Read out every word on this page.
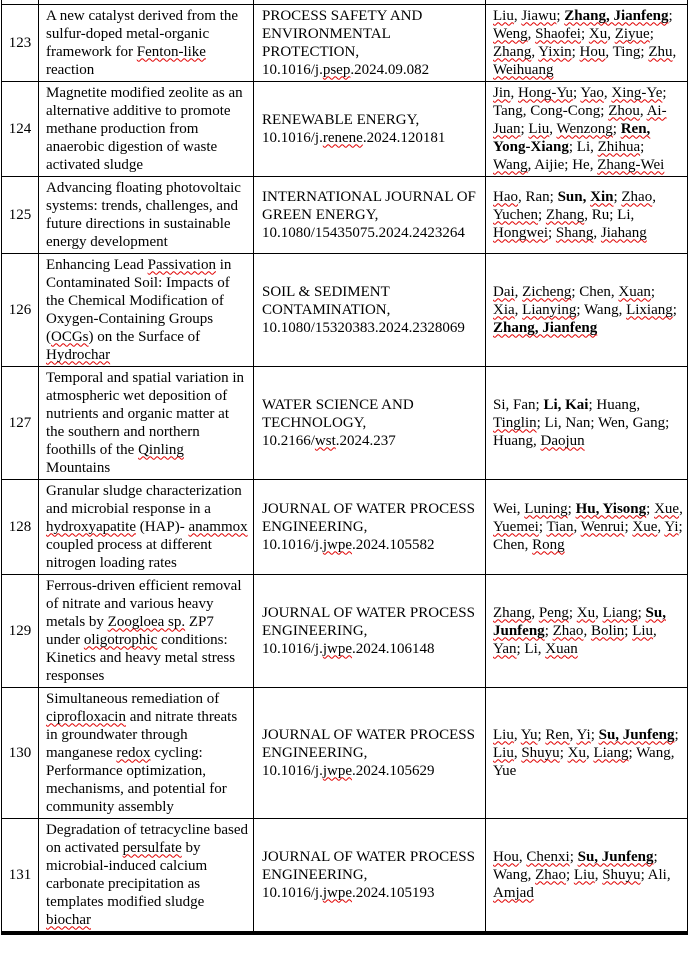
123	A new catalyst derived from the sulfur-doped metal-organic framework for Fenton-like reaction	PROCESS SAFETY AND ENVIRONMENTAL PROTECTION, 10.1016/j.psep.2024.09.082	Liu, Jiawu; Zhang, Jianfeng; Weng, Shaofei; Xu, Ziyue; Zhang, Yixin; Hou, Ting; Zhu, Weihuang
124	Magnetite modified zeolite as an alternative additive to promote methane production from anaerobic digestion of waste activated sludge	RENEWABLE ENERGY, 10.1016/j.renene.2024.120181	Jin, Hong-Yu; Yao, Xing-Ye; Tang, Cong-Cong; Zhou, Ai-Juan; Liu, Wenzong; Ren, Yong-Xiang; Li, Zhihua; Wang, Aijie; He, Zhang-Wei
125	Advancing floating photovoltaic systems: trends, challenges, and future directions in sustainable energy development	INTERNATIONAL JOURNAL OF GREEN ENERGY, 10.1080/15435075.2024.2423264	Hao, Ran; Sun, Xin; Zhao, Yuchen; Zhang, Ru; Li, Hongwei; Shang, Jiahang
126	Enhancing Lead Passivation in Contaminated Soil: Impacts of the Chemical Modification of Oxygen-Containing Groups (OCGs) on the Surface of Hydrochar	SOIL & SEDIMENT CONTAMINATION, 10.1080/15320383.2024.2328069	Dai, Zicheng; Chen, Xuan; Xia, Lianying; Wang, Lixiang; Zhang, Jianfeng
127	Temporal and spatial variation in atmospheric wet deposition of nutrients and organic matter at the southern and northern foothills of the Qinling Mountains	WATER SCIENCE AND TECHNOLOGY, 10.2166/wst.2024.237	Si, Fan; Li, Kai; Huang, Tinglin; Li, Nan; Wen, Gang; Huang, Daojun
128	Granular sludge characterization and microbial response in a hydroxyapatite (HAP)- anammox coupled process at different nitrogen loading rates	JOURNAL OF WATER PROCESS ENGINEERING, 10.1016/j.jwpe.2024.105582	Wei, Luning; Hu, Yisong; Xue, Yuemei; Tian, Wenrui; Xue, Yi; Chen, Rong
129	Ferrous-driven efficient removal of nitrate and various heavy metals by Zoogloea sp. ZP7 under oligotrophic conditions: Kinetics and heavy metal stress responses	JOURNAL OF WATER PROCESS ENGINEERING, 10.1016/j.jwpe.2024.106148	Zhang, Peng; Xu, Liang; Su, Junfeng; Zhao, Bolin; Liu, Yan; Li, Xuan
130	Simultaneous remediation of ciprofloxacin and nitrate threats in groundwater through manganese redox cycling: Performance optimization, mechanisms, and potential for community assembly	JOURNAL OF WATER PROCESS ENGINEERING, 10.1016/j.jwpe.2024.105629	Liu, Yu; Ren, Yi; Su, Junfeng; Liu, Shuyu; Xu, Liang; Wang, Yue
131	Degradation of tetracycline based on activated persulfate by microbial-induced calcium carbonate precipitation as templates modified sludge biochar	JOURNAL OF WATER PROCESS ENGINEERING, 10.1016/j.jwpe.2024.105193	Hou, Chenxi; Su, Junfeng; Wang, Zhao; Liu, Shuyu; Ali, Amjad
